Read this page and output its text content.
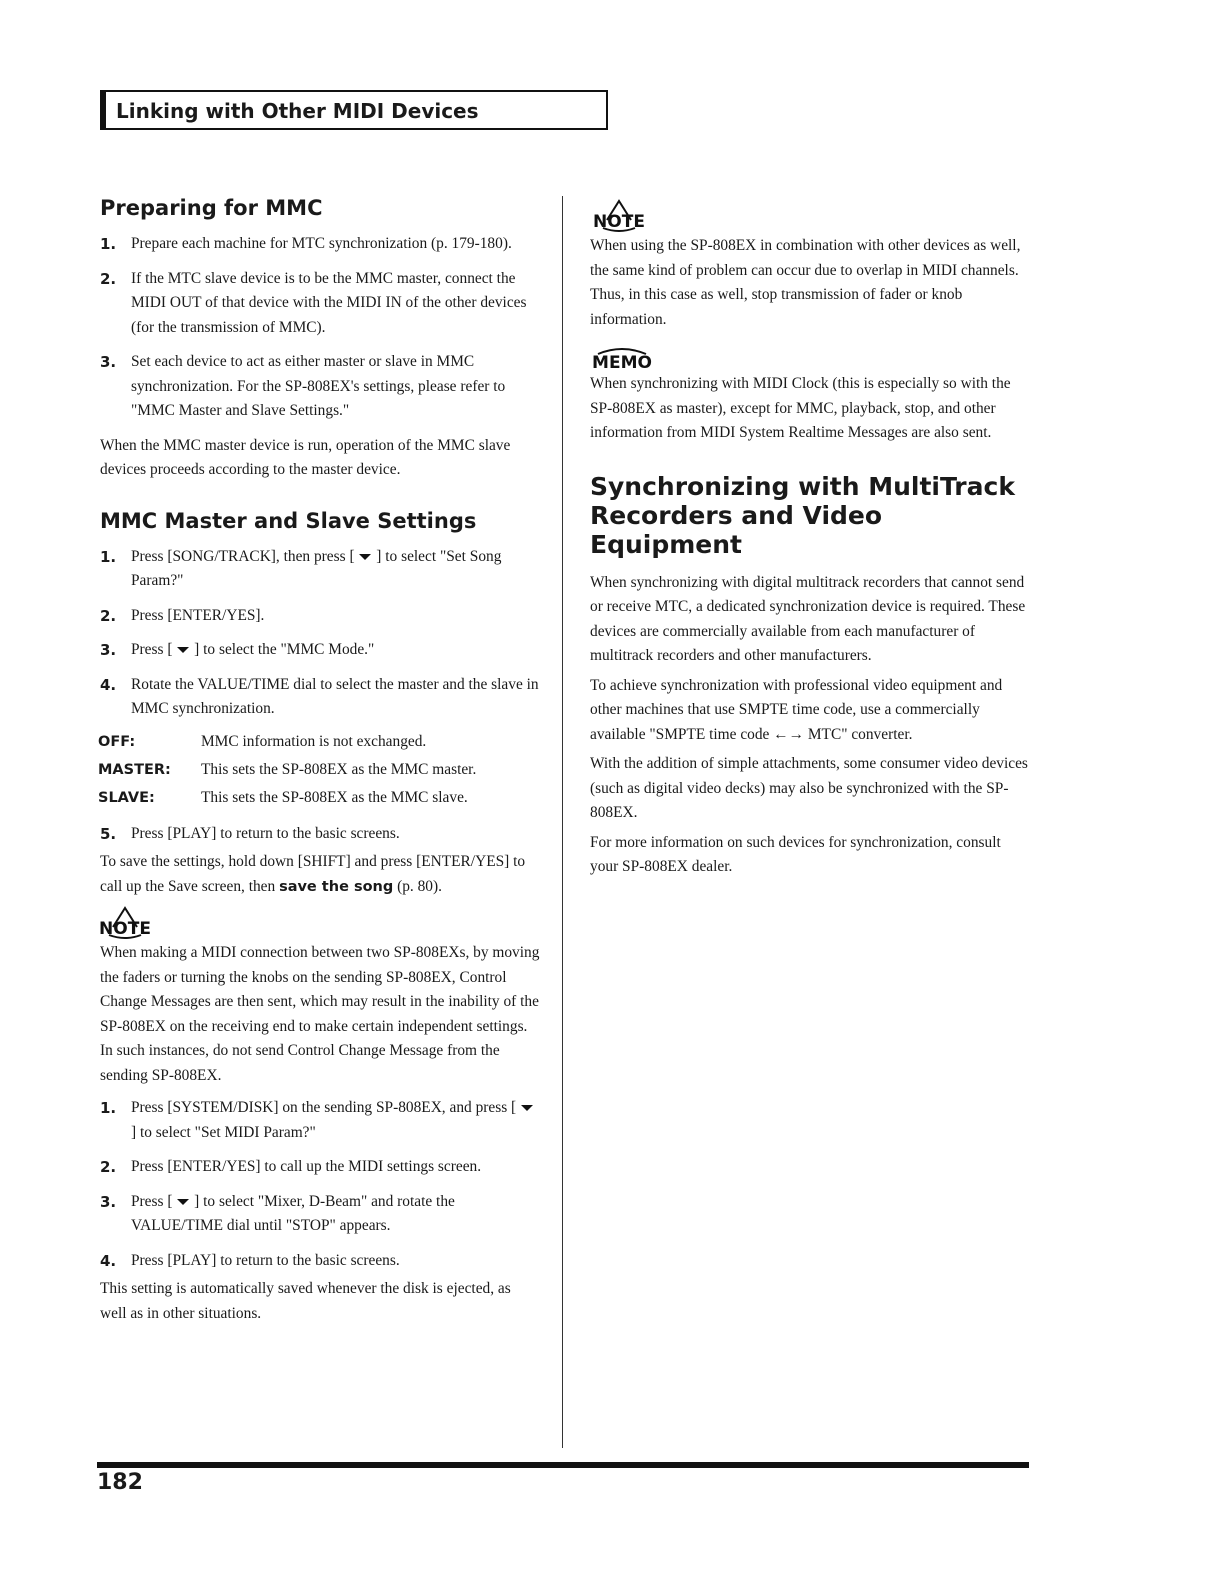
Linking with Other MIDI Devices
Preparing for MMC
1. Prepare each machine for MTC synchronization (p. 179-180).
2. If the MTC slave device is to be the MMC master, connect the MIDI OUT of that device with the MIDI IN of the other devices (for the transmission of MMC).
3. Set each device to act as either master or slave in MMC synchronization. For the SP-808EX's settings, please refer to "MMC Master and Slave Settings."

When the MMC master device is run, operation of the MMC slave devices proceeds according to the master device.

MMC Master and Slave Settings
1. Press [SONG/TRACK], then press [  ] to select "Set Song Param?"
2. Press [ENTER/YES].
3. Press [  ] to select the "MMC Mode."
4. Rotate the VALUE/TIME dial to select the master and the slave in MMC synchronization.
OFF:	MMC information is not exchanged.
MASTER:	This sets the SP-808EX as the MMC master.
SLAVE:	This sets the SP-808EX as the MMC slave.
5. Press [PLAY] to return to the basic screens.

To save the settings, hold down [SHIFT] and press [ENTER/YES] to call up the Save screen, then save the song (p. 80).

NOTE

When making a MIDI connection between two SP-808EXs, by moving the faders or turning the knobs on the sending SP-808EX, Control Change Messages are then sent, which may result in the inability of the SP-808EX on the receiving end to make certain independent settings. In such instances, do not send Control Change Message from the sending SP-808EX.

1. Press [SYSTEM/DISK] on the sending SP-808EX, and press [  ] to select "Set MIDI Param?"
2. Press [ENTER/YES] to call up the MIDI settings screen.
3. Press [  ] to select "Mixer, D-Beam" and rotate the VALUE/TIME dial until "STOP" appears.
4. Press [PLAY] to return to the basic screens.

This setting is automatically saved whenever the disk is ejected, as well as in other situations.

NOTE

When using the SP-808EX in combination with other devices as well, the same kind of problem can occur due to overlap in MIDI channels. Thus, in this case as well, stop transmission of fader or knob information.

MEMO

When synchronizing with MIDI Clock (this is especially so with the SP-808EX as master), except for MMC, playback, stop, and other information from MIDI System Realtime Messages are also sent.

Synchronizing with MultiTrack Recorders and Video Equipment

When synchronizing with digital multitrack recorders that cannot send or receive MTC, a dedicated synchronization device is required. These devices are commercially available from each manufacturer of multitrack recorders and other manufacturers.

To achieve synchronization with professional video equipment and other machines that use SMPTE time code, use a commercially available "SMPTE time code ←→ MTC" converter.

With the addition of simple attachments, some consumer video devices (such as digital video decks) may also be synchronized with the SP-808EX.

For more information on such devices for synchronization, consult your SP-808EX dealer.

182
